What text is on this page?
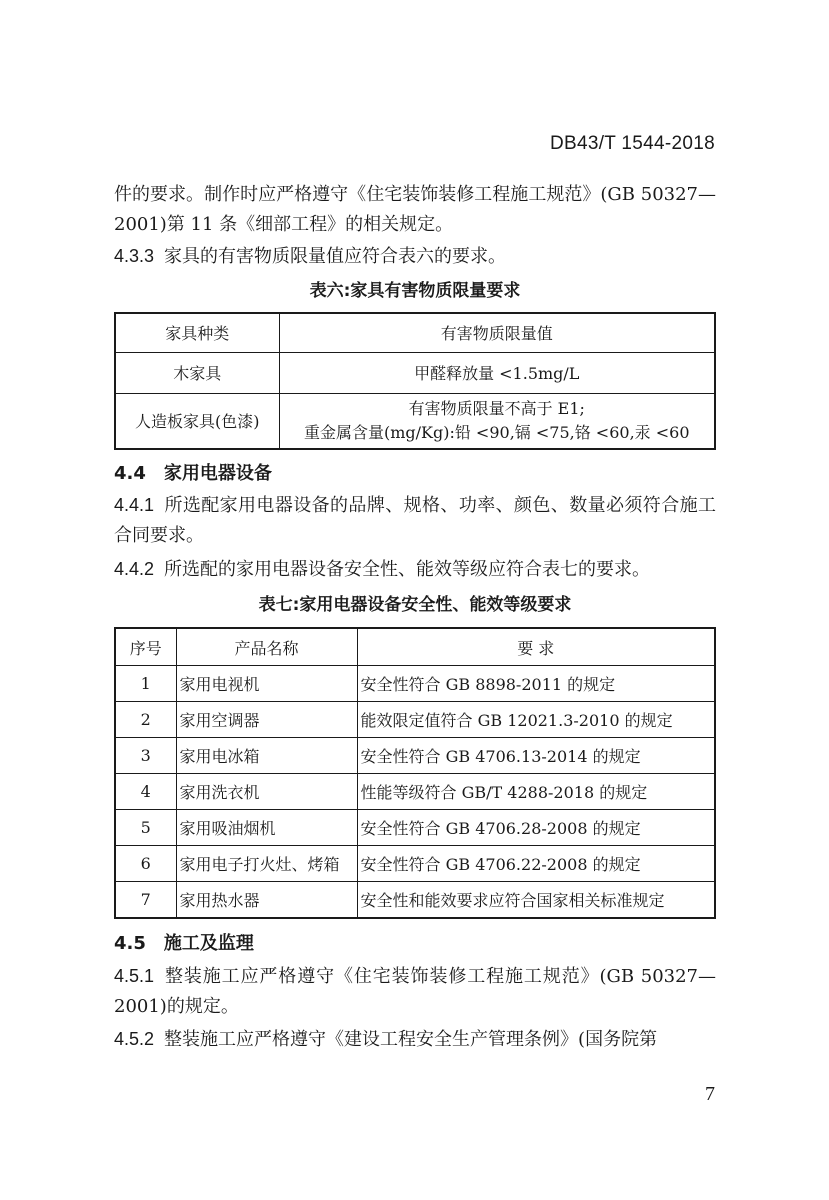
DB43/T 1544-2018
件的要求。制作时应严格遵守《住宅装饰装修工程施工规范》(GB 50327—2001)第 11 条《细部工程》的相关规定。
4.3.3 家具的有害物质限量值应符合表六的要求。
表六:家具有害物质限量要求
家具种类	有害物质限量值
木家具	甲醛释放量 <1.5mg/L
人造板家具(色漆)	有害物质限量不高于 E1;
重金属含量(mg/Kg):铅 <90,镉 <75,铬 <60,汞 <60
4.4 家用电器设备
4.4.1 所选配家用电器设备的品牌、规格、功率、颜色、数量必须符合施工合同要求。
4.4.2 所选配的家用电器设备安全性、能效等级应符合表七的要求。
表七:家用电器设备安全性、能效等级要求
序号	产品名称	要 求
1	家用电视机	安全性符合 GB 8898-2011 的规定
2	家用空调器	能效限定值符合 GB 12021.3-2010 的规定
3	家用电冰箱	安全性符合 GB 4706.13-2014 的规定
4	家用洗衣机	性能等级符合 GB/T 4288-2018 的规定
5	家用吸油烟机	安全性符合 GB 4706.28-2008 的规定
6	家用电子打火灶、烤箱	安全性符合 GB 4706.22-2008 的规定
7	家用热水器	安全性和能效要求应符合国家相关标准规定
4.5 施工及监理
4.5.1 整装施工应严格遵守《住宅装饰装修工程施工规范》(GB 50327—2001)的规定。
4.5.2 整装施工应严格遵守《建设工程安全生产管理条例》(国务院第
7
